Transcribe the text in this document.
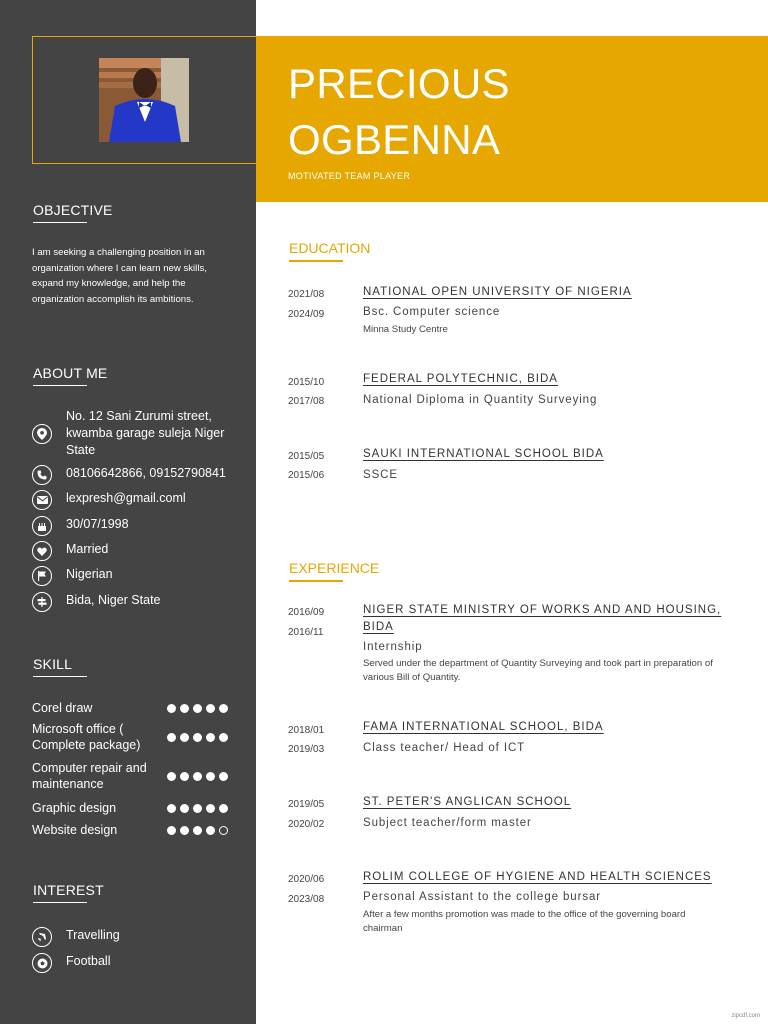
OBJECTIVE
I am seeking a challenging position in an organization where I can learn new skills, expand my knowledge, and help the organization accomplish its ambitions.
ABOUT ME
No. 12 Sani Zurumi street, kwamba garage suleja Niger State
08106642866, 09152790841
lexpresh@gmail.coml
30/07/1998
Married
Nigerian
Bida, Niger State
SKILL
Corel draw
Microsoft office ( Complete package)
Computer repair and maintenance
Graphic design
Website design
INTEREST
Travelling
Football
PRECIOUS
OGBENNA
MOTIVATED TEAM PLAYER
EDUCATION
2021/08
2024/09
NATIONAL OPEN UNIVERSITY OF NIGERIA
Bsc. Computer science
Minna Study Centre
2015/10
2017/08
FEDERAL POLYTECHNIC, BIDA
National Diploma in Quantity Surveying
2015/05
2015/06
SAUKI INTERNATIONAL SCHOOL BIDA
SSCE
EXPERIENCE
2016/09
2016/11
NIGER STATE MINISTRY OF WORKS AND AND HOUSING, BIDA
Internship
Served under the department of Quantity Surveying and took part in preparation of various Bill of Quantity.
2018/01
2019/03
FAMA INTERNATIONAL SCHOOL, BIDA
Class teacher/ Head of ICT
2019/05
2020/02
ST. PETER'S ANGLICAN SCHOOL
Subject teacher/form master
2020/06
2023/08
ROLIM COLLEGE OF HYGIENE AND HEALTH SCIENCES
Personal Assistant to the college bursar
After a few months promotion was made to the office of the governing board chairman
zipcdf.com
